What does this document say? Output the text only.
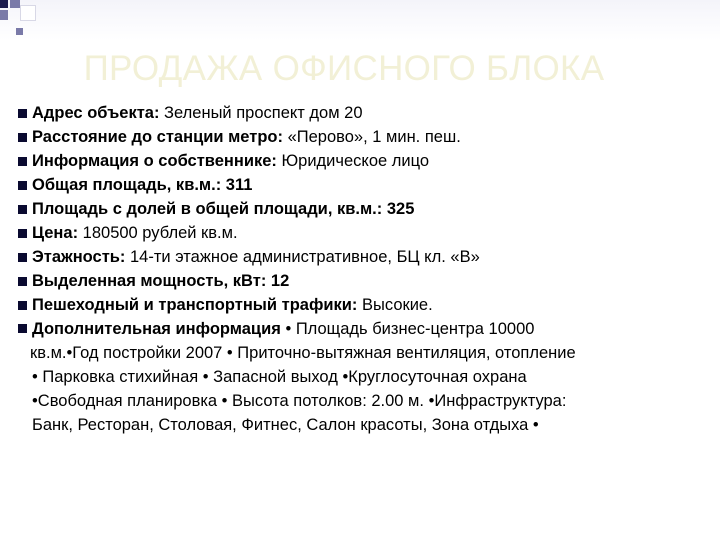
ПРОДАЖА ОФИСНОГО БЛОКА
Адрес объекта: Зеленый проспект дом 20
Расстояние до станции метро: «Перово», 1 мин. пеш.
Информация о собственнике: Юридическое лицо
Общая площадь, кв.м.: 311
Площадь с долей в общей площади, кв.м.: 325
Цена: 180500 рублей кв.м.
Этажность: 14-ти этажное административное, БЦ кл. «В»
Выделенная мощность, кВт: 12
Пешеходный и транспортный трафики: Высокие.
Дополнительная информация • Площадь бизнес-центра 10000
кв.м.•Год постройки 2007 • Приточно-вытяжная вентиляция, отопление
• Парковка стихийная • Запасной выход •Круглосуточная охрана
•Свободная планировка • Высота потолков: 2.00 м. •Инфраструктура:
Банк, Ресторан, Столовая, Фитнес, Салон красоты, Зона отдыха •
